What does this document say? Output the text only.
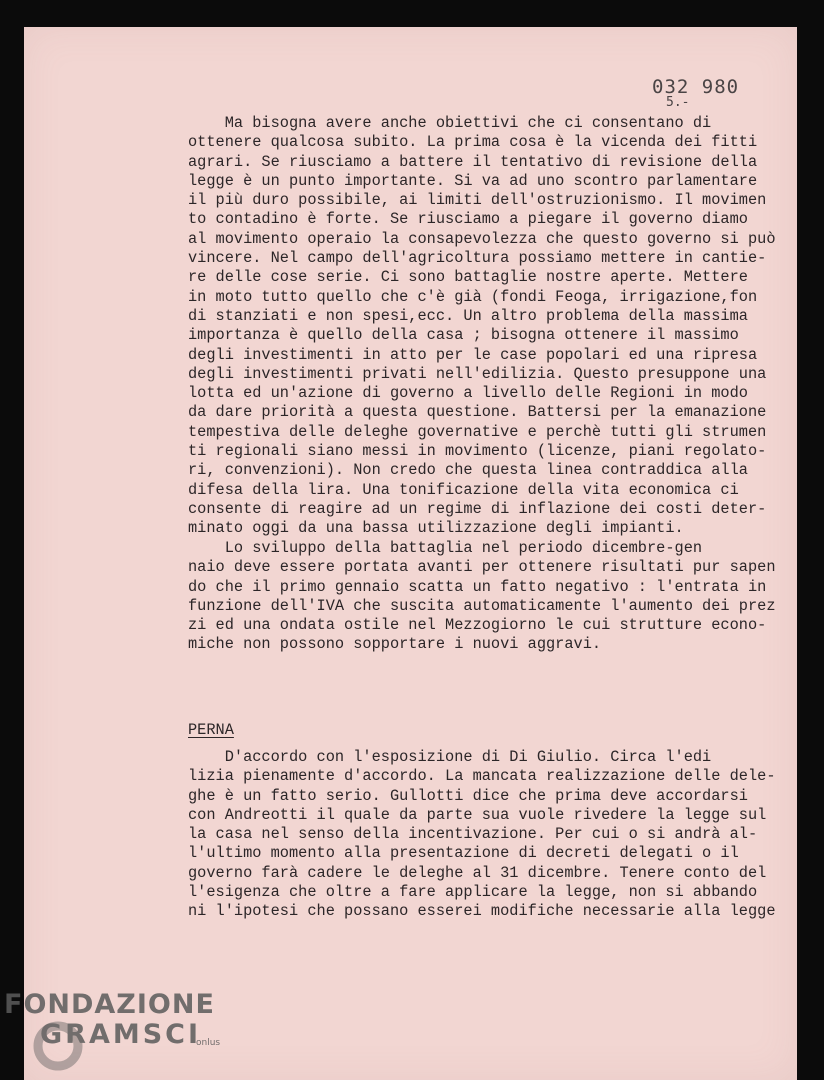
032 980
5.-

Ma bisogna avere anche obiettivi che ci consentano di
ottenere qualcosa subito. La prima cosa è la vicenda dei fitti
agrari. Se riusciamo a battere il tentativo di revisione della
legge è un punto importante. Si va ad uno scontro parlamentare
il più duro possibile, ai limiti dell'ostruzionismo. Il movimen
to contadino è forte. Se riusciamo a piegare il governo diamo
al movimento operaio la consapevolezza che questo governo si può
vincere. Nel campo dell'agricoltura possiamo mettere in cantie-
re delle cose serie. Ci sono battaglie nostre aperte. Mettere
in moto tutto quello che c'è già (fondi Feoga, irrigazione,fon
di stanziati e non spesi,ecc. Un altro problema della massima
importanza è quello della casa ; bisogna ottenere il massimo
degli investimenti in atto per le case popolari ed una ripresa
degli investimenti privati nell'edilizia. Questo presuppone una
lotta ed un'azione di governo a livello delle Regioni in modo
da dare priorità a questa questione. Battersi per la emanazione
tempestiva delle deleghe governative e perchè tutti gli strumen
ti regionali siano messi in movimento (licenze, piani regolato-
ri, convenzioni). Non credo che questa linea contraddica alla
difesa della lira. Una tonificazione della vita economica ci
consente di reagire ad un regime di inflazione dei costi deter-
minato oggi da una bassa utilizzazione degli impianti.

Lo sviluppo della battaglia nel periodo dicembre-gen
naio deve essere portata avanti per ottenere risultati pur sapen
do che il primo gennaio scatta un fatto negativo : l'entrata in
funzione dell'IVA che suscita automaticamente l'aumento dei prez
zi ed una ondata ostile nel Mezzogiorno le cui strutture econo-
miche non possono sopportare i nuovi aggravi.

PERNA

D'accordo con l'esposizione di Di Giulio. Circa l'edi
lizia pienamente d'accordo. La mancata realizzazione delle dele-
ghe è un fatto serio. Gullotti dice che prima deve accordarsi
con Andreotti il quale da parte sua vuole rivedere la legge sul
la casa nel senso della incentivazione. Per cui o si andrà al-
l'ultimo momento alla presentazione di decreti delegati o il
governo farà cadere le deleghe al 31 dicembre. Tenere conto del
l'esigenza che oltre a fare applicare la legge, non si abbando
ni l'ipotesi che possano esserei modifiche necessarie alla legge

FONDAZIONE
GRAMSCI
onlus
